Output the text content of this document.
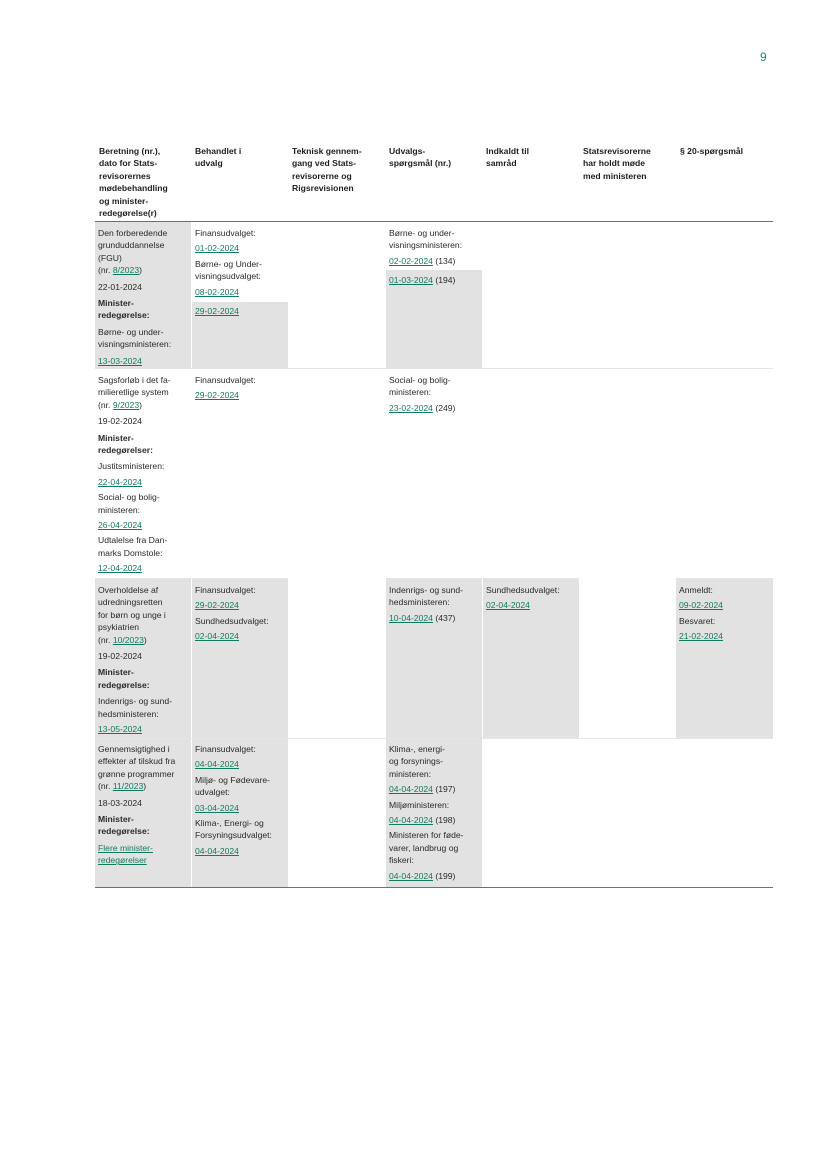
9
Beretning (nr.),
dato for Stats-
revisorernes
mødebehandling
og minister-
redegørelse(r)
Behandlet i
udvalg
Teknisk gennem-
gang ved Stats-
revisorerne og
Rigsrevisionen
Udvalgs-
spørgsmål (nr.)
Indkaldt til
samråd
Statsrevisorerne
har holdt møde
med ministeren
§ 20-spørgsmål
Den forberedende
grunduddannelse
(FGU)
(nr. 8/2023)
22-01-2024
Minister-
redegørelse:
Børne- og under-
visningsministeren:
13-03-2024
Finansudvalget:
01-02-2024
Børne- og Under-
visningsudvalget:
08-02-2024
29-02-2024
Børne- og under-
visningsministeren:
02-02-2024 (134)
01-03-2024 (194)
Sagsforløb i det fa-
milieretlige system
(nr. 9/2023)
19-02-2024
Minister-
redegørelser:
Justitsministeren:
22-04-2024
Social- og bolig-
ministeren:
26-04-2024
Udtalelse fra Dan-
marks Domstole:
12-04-2024
Finansudvalget:
29-02-2024
Social- og bolig-
ministeren:
23-02-2024 (249)
Overholdelse af
udredningsretten
for børn og unge i
psykiatrien
(nr. 10/2023)
19-02-2024
Minister-
redegørelse:
Indenrigs- og sund-
hedsministeren:
13-05-2024
Finansudvalget:
29-02-2024
Sundhedsudvalget:
02-04-2024
Indenrigs- og sund-
hedsministeren:
10-04-2024 (437)
Sundhedsudvalget:
02-04-2024
Anmeldt:
09-02-2024
Besvaret:
21-02-2024
Gennemsigtighed i
effekter af tilskud fra
grønne programmer
(nr. 11/2023)
18-03-2024
Minister-
redegørelse:
Flere minister-
redegørelser
Finansudvalget:
04-04-2024
Miljø- og Fødevare-
udvalget:
03-04-2024
Klima-, Energi- og
Forsyningsudvalget:
04-04-2024
Klima-, energi-
og forsynings-
ministeren:
04-04-2024 (197)
Miljøministeren:
04-04-2024 (198)
Ministeren for føde-
varer, landbrug og
fiskeri:
04-04-2024 (199)
